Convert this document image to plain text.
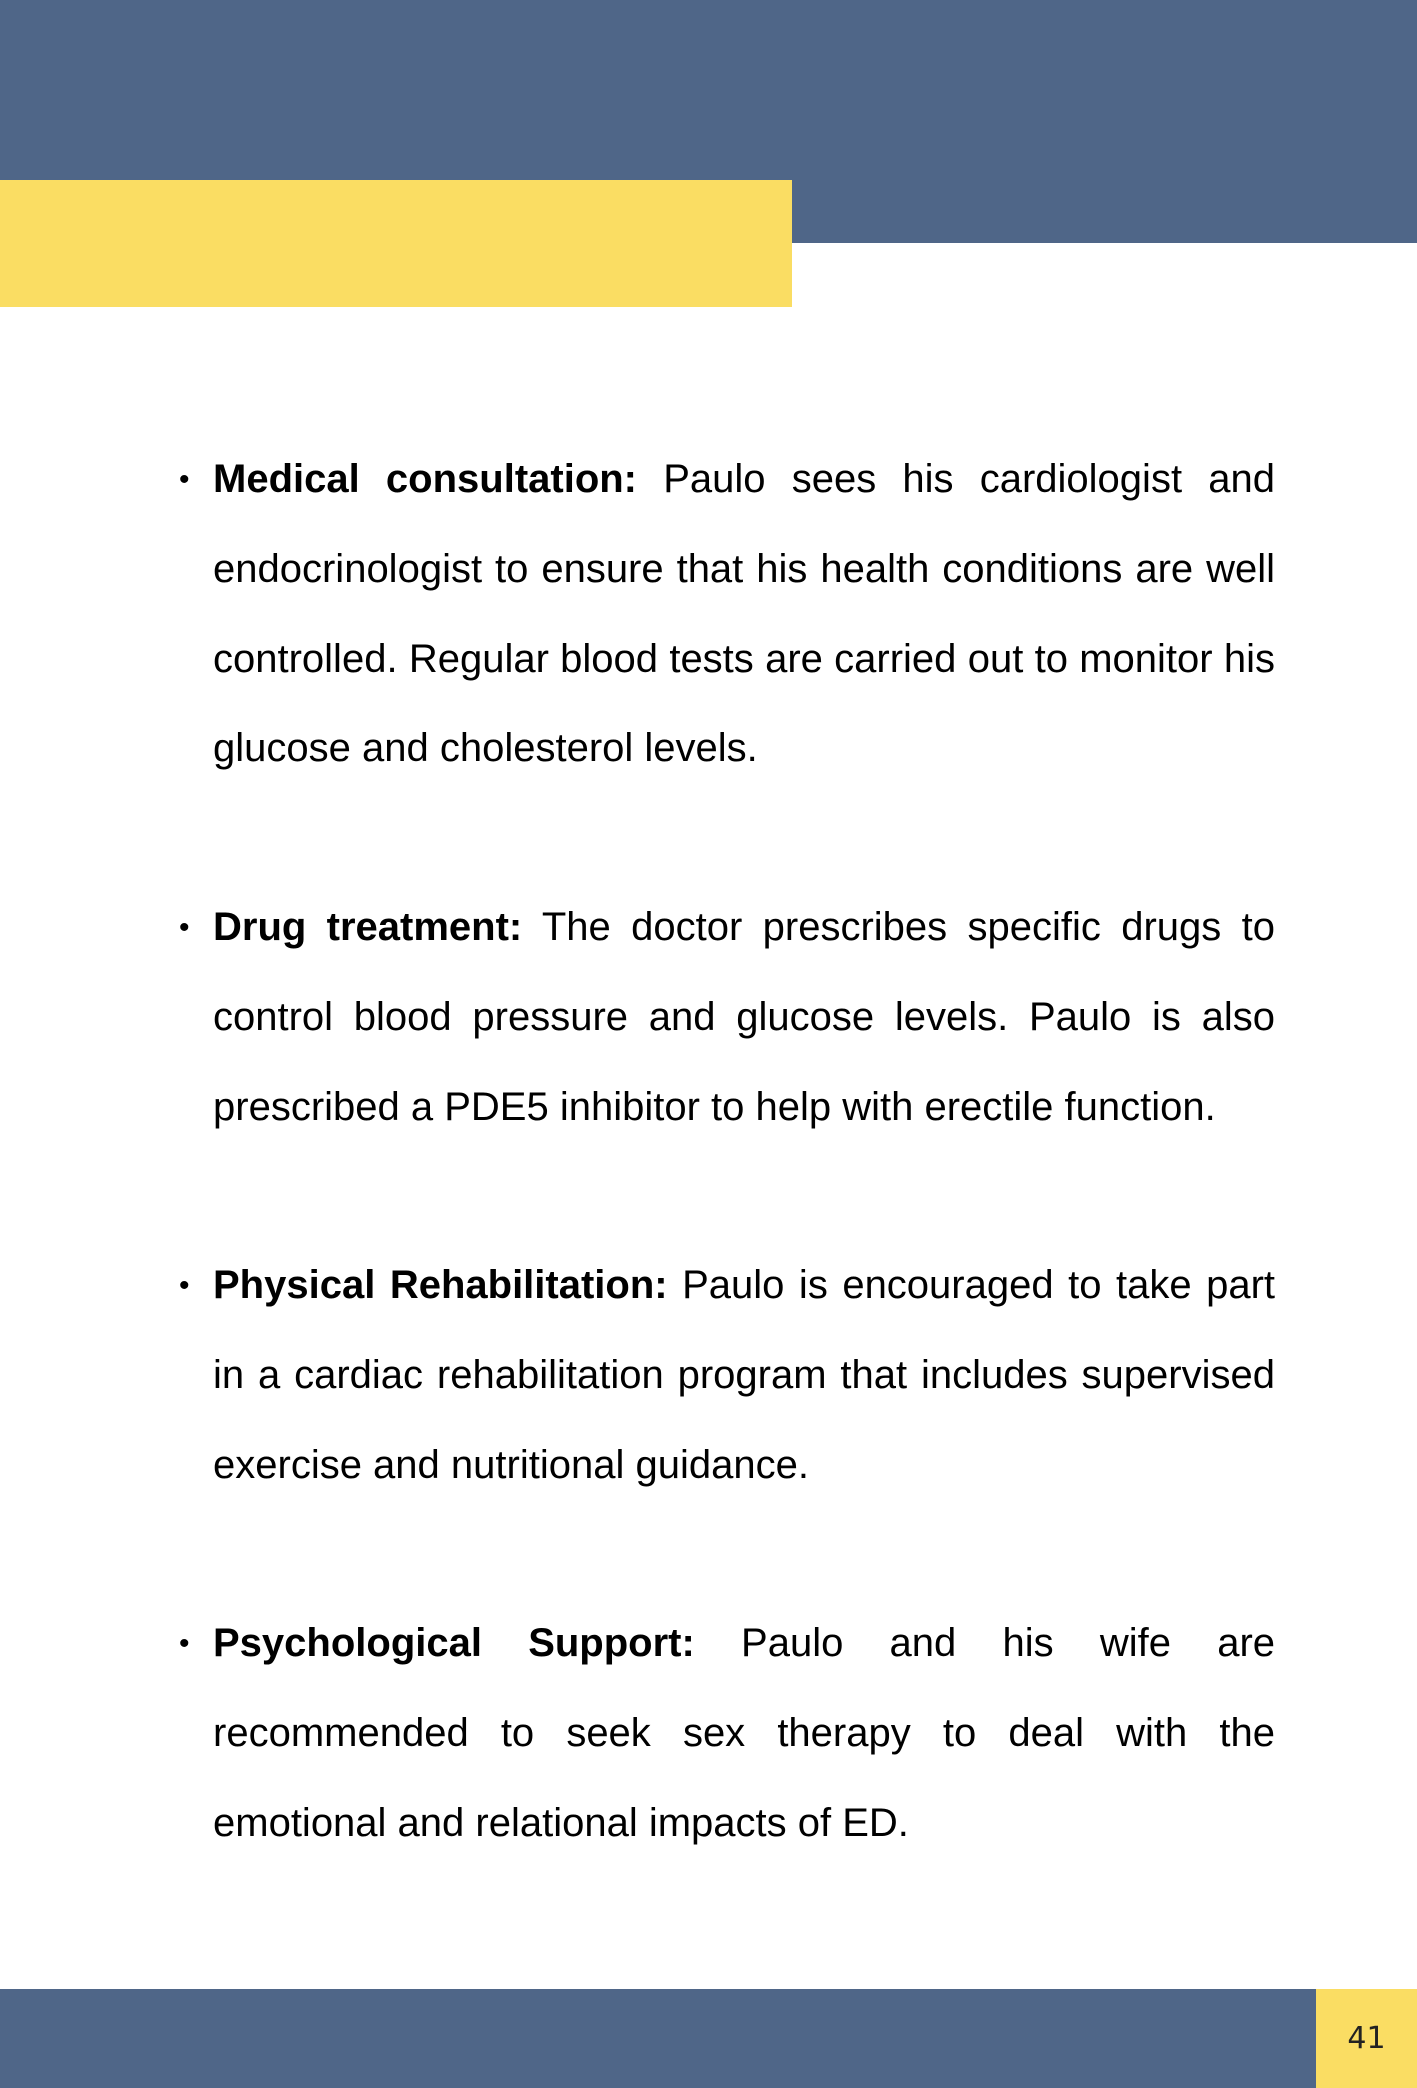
• Medical consultation: Paulo sees his cardiologist and endocrinologist to ensure that his health conditions are well controlled. Regular blood tests are carried out to monitor his glucose and cholesterol levels.

• Drug treatment: The doctor prescribes specific drugs to control blood pressure and glucose levels. Paulo is also prescribed a PDE5 inhibitor to help with erectile function.

• Physical Rehabilitation: Paulo is encouraged to take part in a cardiac rehabilitation program that includes supervised exercise and nutritional guidance.

• Psychological Support: Paulo and his wife are recommended to seek sex therapy to deal with the emotional and relational impacts of ED.

41
